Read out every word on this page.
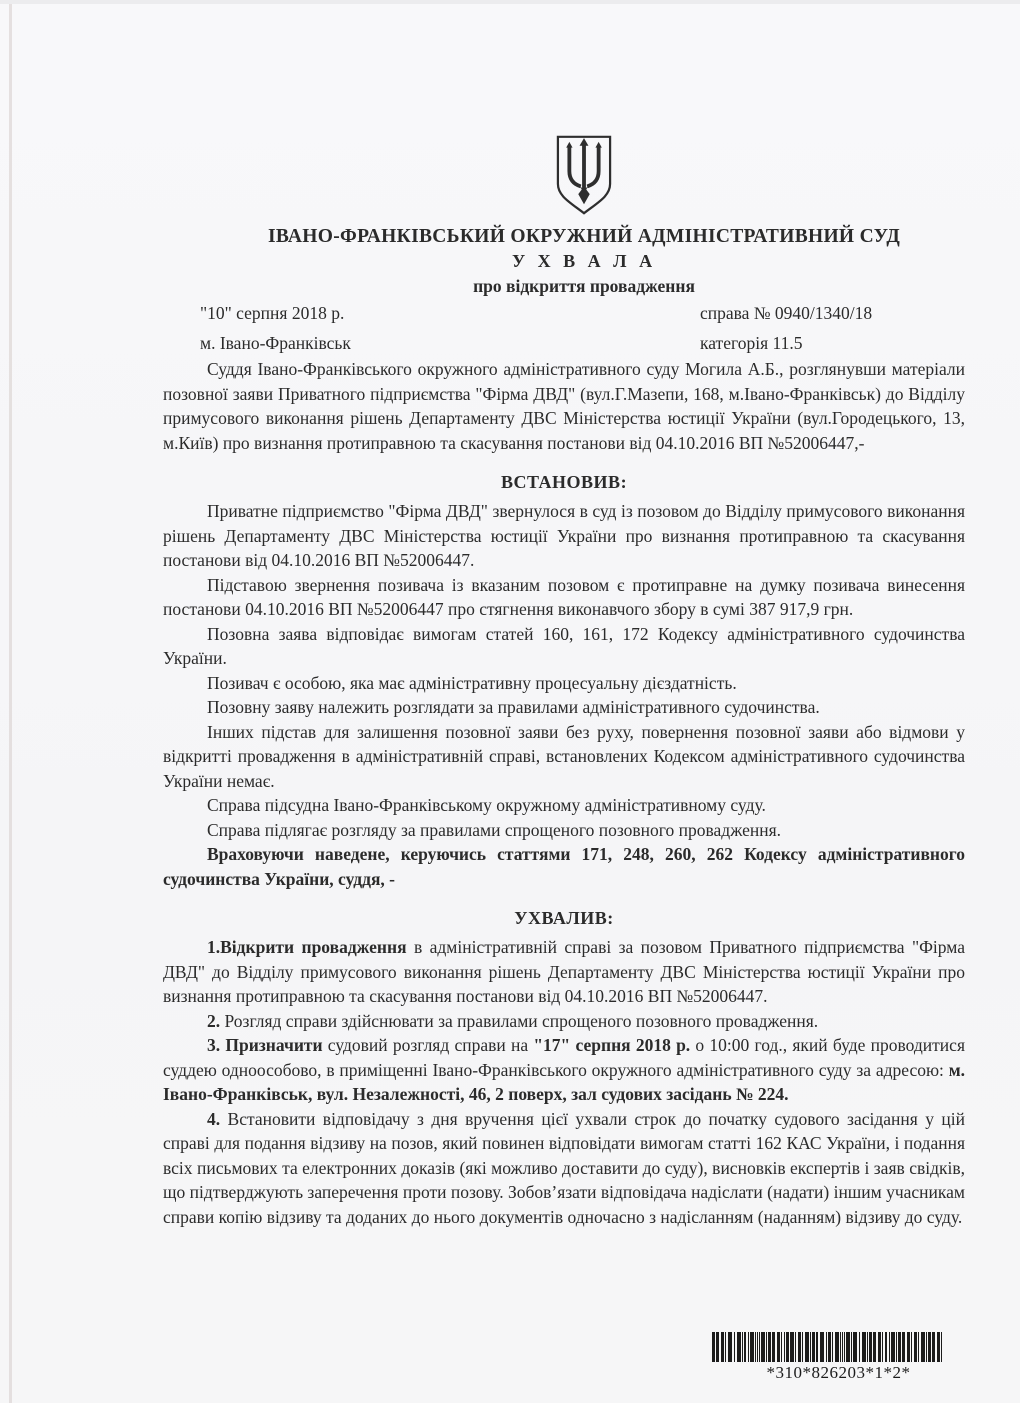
ІВАНО-ФРАНКІВСЬКИЙ ОКРУЖНИЙ АДМІНІСТРАТИВНИЙ СУД
У Х В А Л А
про відкриття провадження
"10" серпня 2018 р.	справа № 0940/1340/18
м. Івано-Франківськ	категорія 11.5

Суддя Івано-Франківського окружного адміністративного суду Могила А.Б., розглянувши матеріали позовної заяви Приватного підприємства "Фірма ДВД" (вул.Г.Мазепи, 168, м.Івано-Франківськ) до Відділу примусового виконання рішень Департаменту ДВС Міністерства юстиції України (вул.Городецького, 13, м.Київ) про визнання протиправною та скасування постанови від 04.10.2016 ВП №52006447,-

ВСТАНОВИВ:

Приватне підприємство "Фірма ДВД" звернулося в суд із позовом до Відділу примусового виконання рішень Департаменту ДВС Міністерства юстиції України про визнання протиправною та скасування постанови від 04.10.2016 ВП №52006447.

Підставою звернення позивача із вказаним позовом є протиправне на думку позивача винесення постанови 04.10.2016 ВП №52006447 про стягнення виконавчого збору в сумі 387 917,9 грн.

Позовна заява відповідає вимогам статей 160, 161, 172 Кодексу адміністративного судочинства України.

Позивач є особою, яка має адміністративну процесуальну дієздатність.

Позовну заяву належить розглядати за правилами адміністративного судочинства.

Інших підстав для залишення позовної заяви без руху, повернення позовної заяви або відмови у відкритті провадження в адміністративній справі, встановлених Кодексом адміністративного судочинства України немає.

Справа підсудна Івано-Франківському окружному адміністративному суду.

Справа підлягає розгляду за правилами спрощеного позовного провадження.

Враховуючи наведене, керуючись статтями 171, 248, 260, 262 Кодексу адміністративного судочинства України, суддя, -

УХВАЛИВ:

1.Відкрити провадження в адміністративній справі за позовом Приватного підприємства "Фірма ДВД" до Відділу примусового виконання рішень Департаменту ДВС Міністерства юстиції України про визнання протиправною та скасування постанови від 04.10.2016 ВП №52006447.

2. Розгляд справи здійснювати за правилами спрощеного позовного провадження.

3. Призначити судовий розгляд справи на "17" серпня 2018 р. о 10:00 год., який буде проводитися суддею одноособово, в приміщенні Івано-Франківського окружного адміністративного суду за адресою: м. Івано-Франківськ, вул. Незалежності, 46, 2 поверх, зал судових засідань № 224.

4. Встановити відповідачу з дня вручення цієї ухвали строк до початку судового засідання у цій справі для подання відзиву на позов, який повинен відповідати вимогам статті 162 КАС України, і подання всіх письмових та електронних доказів (які можливо доставити до суду), висновків експертів і заяв свідків, що підтверджують заперечення проти позову. Зобов’язати відповідача надіслати (надати) іншим учасникам справи копію відзиву та доданих до нього документів одночасно з надісланням (наданням) відзиву до суду.

*310*826203*1*2*
